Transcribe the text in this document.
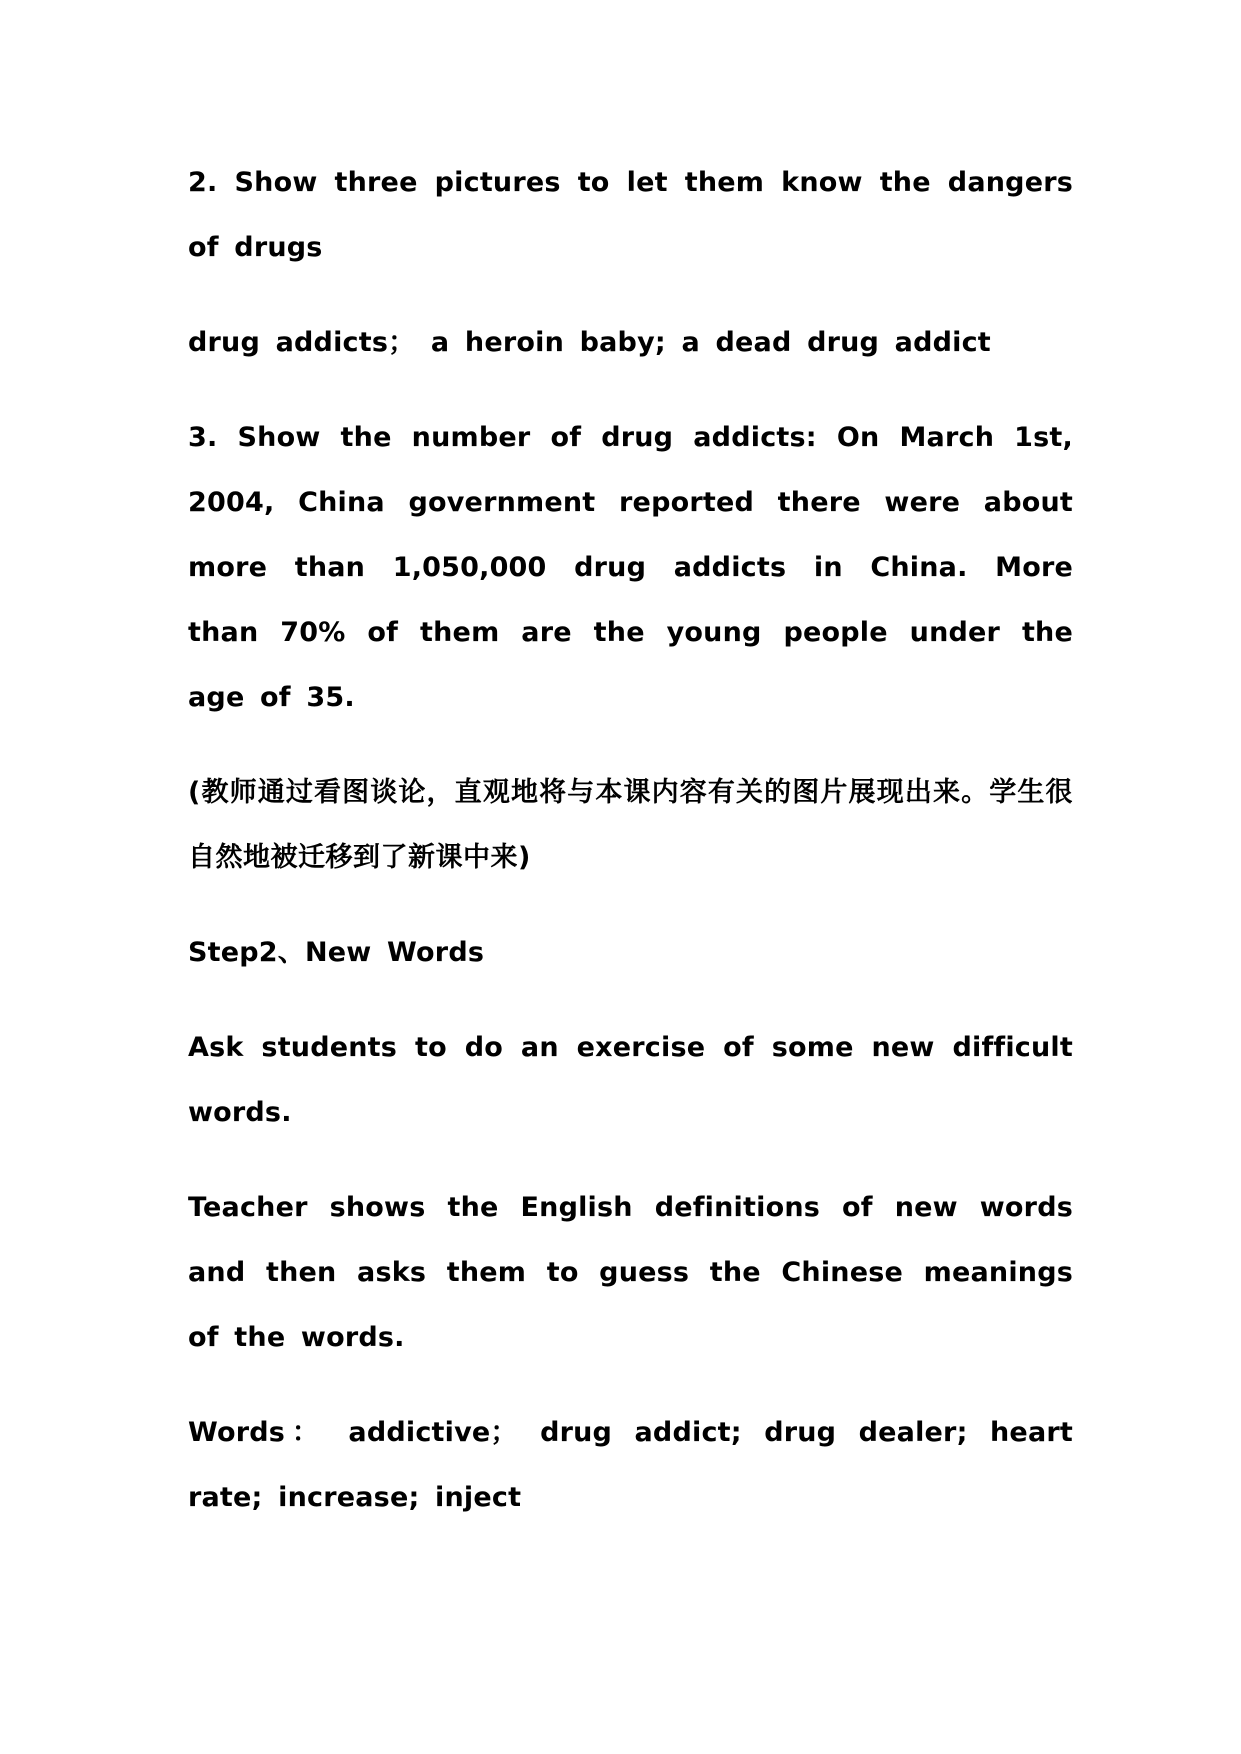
2. Show three pictures to let them know the dangers of drugs

drug addicts； a heroin baby; a dead drug addict

3. Show the number of drug addicts: On March 1st, 2004, China government reported there were about more than 1,050,000 drug addicts in China. More than 70% of them are the young people under the age of 35.

(教师通过看图谈论，直观地将与本课内容有关的图片展现出来。学生很自然地被迁移到了新课中来)

Step2、New Words

Ask students to do an exercise of some new difficult words.

Teacher shows the English definitions of new words and then asks them to guess the Chinese meanings of the words.

Words： addictive； drug addict; drug dealer; heart rate; increase; inject
